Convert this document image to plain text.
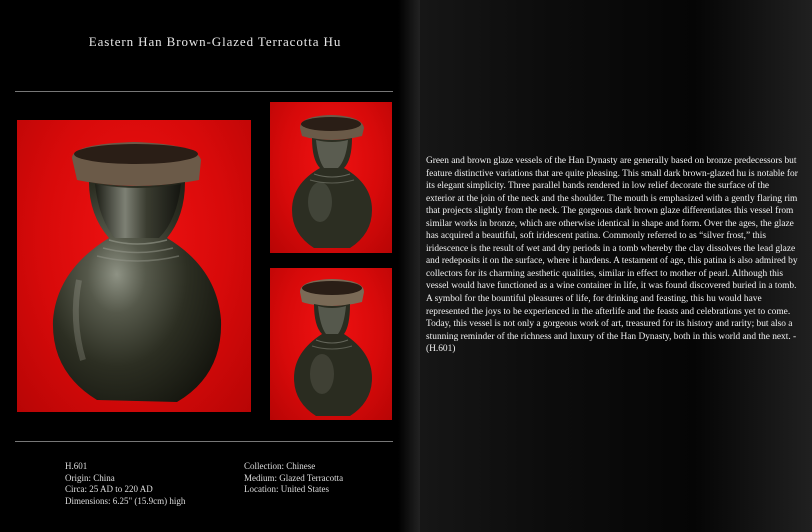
Eastern Han Brown-Glazed Terracotta Hu
H.601
Origin: China
Circa: 25 AD to 220 AD
Dimensions: 6.25" (15.9cm) high
Collection: Chinese
Medium: Glazed Terracotta
Location: United States
Green and brown glaze vessels of the Han Dynasty are generally based on bronze predecessors but feature distinctive variations that are quite pleasing. This small dark brown-glazed hu is notable for its elegant simplicity. Three parallel bands rendered in low relief decorate the surface of the exterior at the join of the neck and the shoulder. The mouth is emphasized with a gently flaring rim that projects slightly from the neck. The gorgeous dark brown glaze differentiates this vessel from similar works in bronze, which are otherwise identical in shape and form. Over the ages, the glaze has acquired a beautiful, soft iridescent patina. Commonly referred to as “silver frost,” this iridescence is the result of wet and dry periods in a tomb whereby the clay dissolves the lead glaze and redeposits it on the surface, where it hardens. A testament of age, this patina is also admired by collectors for its charming aesthetic qualities, similar in effect to mother of pearl. Although this vessel would have functioned as a wine container in life, it was found discovered buried in a tomb. A symbol for the bountiful pleasures of life, for drinking and feasting, this hu would have represented the joys to be experienced in the afterlife and the feasts and celebrations yet to come. Today, this vessel is not only a gorgeous work of art, treasured for its history and rarity; but also a stunning reminder of the richness and luxury of the Han Dynasty, both in this world and the next. - (H.601)
